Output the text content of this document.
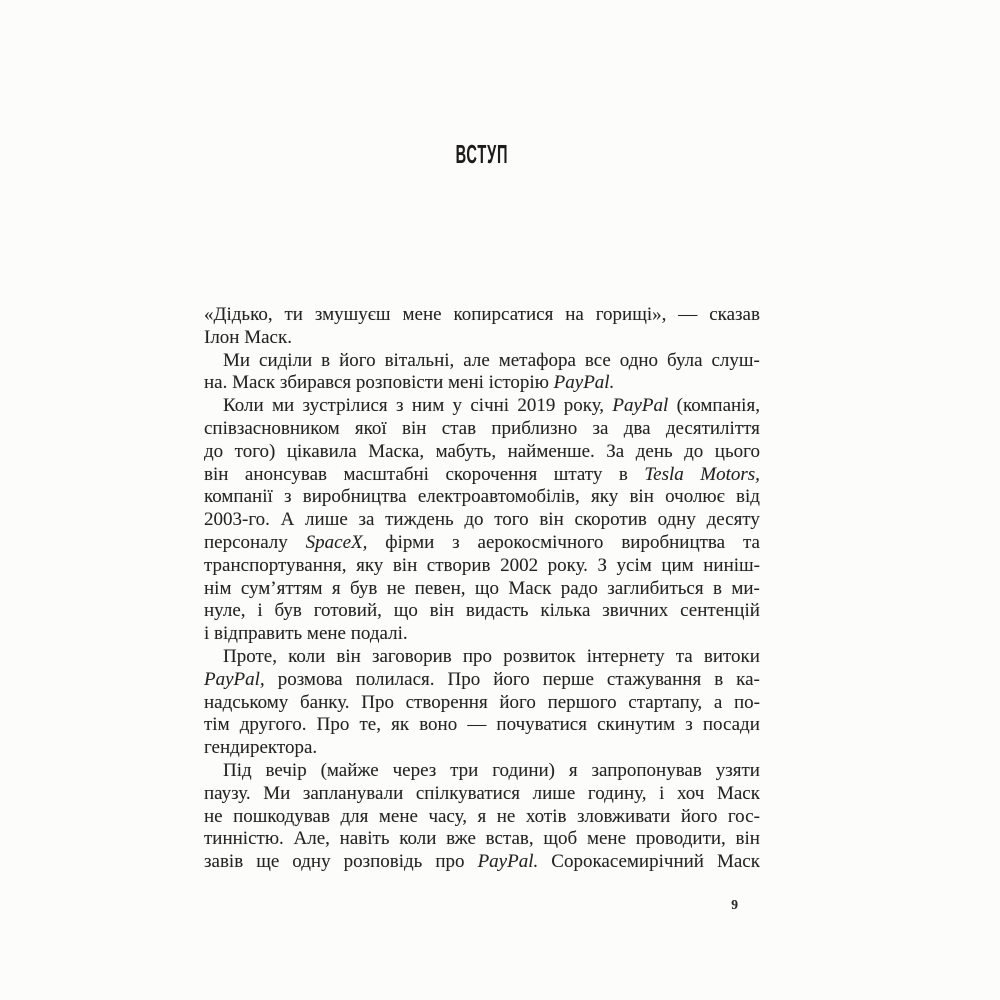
ВСТУП
«Дідько, ти змушуєш мене копирсатися на горищі», — сказав
Ілон Маск.
Ми сиділи в його вітальні, але метафора все одно була слуш-
на. Маск збирався розповісти мені історію PayPal.
Коли ми зустрілися з ним у січні 2019 року, PayPal (компанія,
співзасновником якої він став приблизно за два десятиліття
до того) цікавила Маска, мабуть, найменше. За день до цього
він анонсував масштабні скорочення штату в Tesla Motors,
компанії з виробництва електроавтомобілів, яку він очолює від
2003-го. А лише за тиждень до того він скоротив одну десяту
персоналу SpaceX, фірми з аерокосмічного виробництва та
транспортування, яку він створив 2002 року. З усім цим ниніш-
нім сум’яттям я був не певен, що Маск радо заглибиться в ми-
нуле, і був готовий, що він видасть кілька звичних сентенцій
і відправить мене подалі.
Проте, коли він заговорив про розвиток інтернету та витоки
PayPal, розмова полилася. Про його перше стажування в ка-
надському банку. Про створення його першого стартапу, а по-
тім другого. Про те, як воно — почуватися скинутим з посади
гендиректора.
Під вечір (майже через три години) я запропонував узяти
паузу. Ми запланували спілкуватися лише годину, і хоч Маск
не пошкодував для мене часу, я не хотів зловживати його гос-
тинністю. Але, навіть коли вже встав, щоб мене проводити, він
завів ще одну розповідь про PayPal. Сорокасемирічний Маск
9
